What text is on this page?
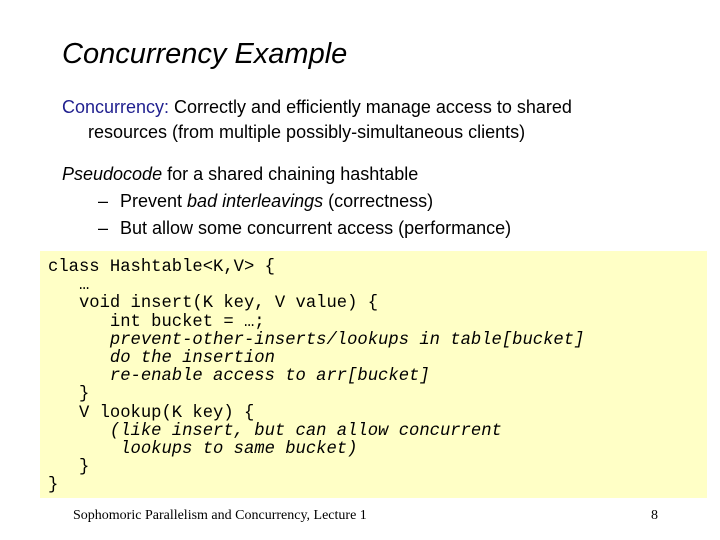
Concurrency Example
Concurrency: Correctly and efficiently manage access to shared
resources (from multiple possibly-simultaneous clients)
Pseudocode for a shared chaining hashtable
– Prevent bad interleavings (correctness)
– But allow some concurrent access (performance)
class Hashtable<K,V> {
…
void insert(K key, V value) {
int bucket = …;
prevent-other-inserts/lookups in table[bucket]
do the insertion
re-enable access to arr[bucket]
}
V lookup(K key) {
(like insert, but can allow concurrent
lookups to same bucket)
}
}
Sophomoric Parallelism and Concurrency, Lecture 1	8
